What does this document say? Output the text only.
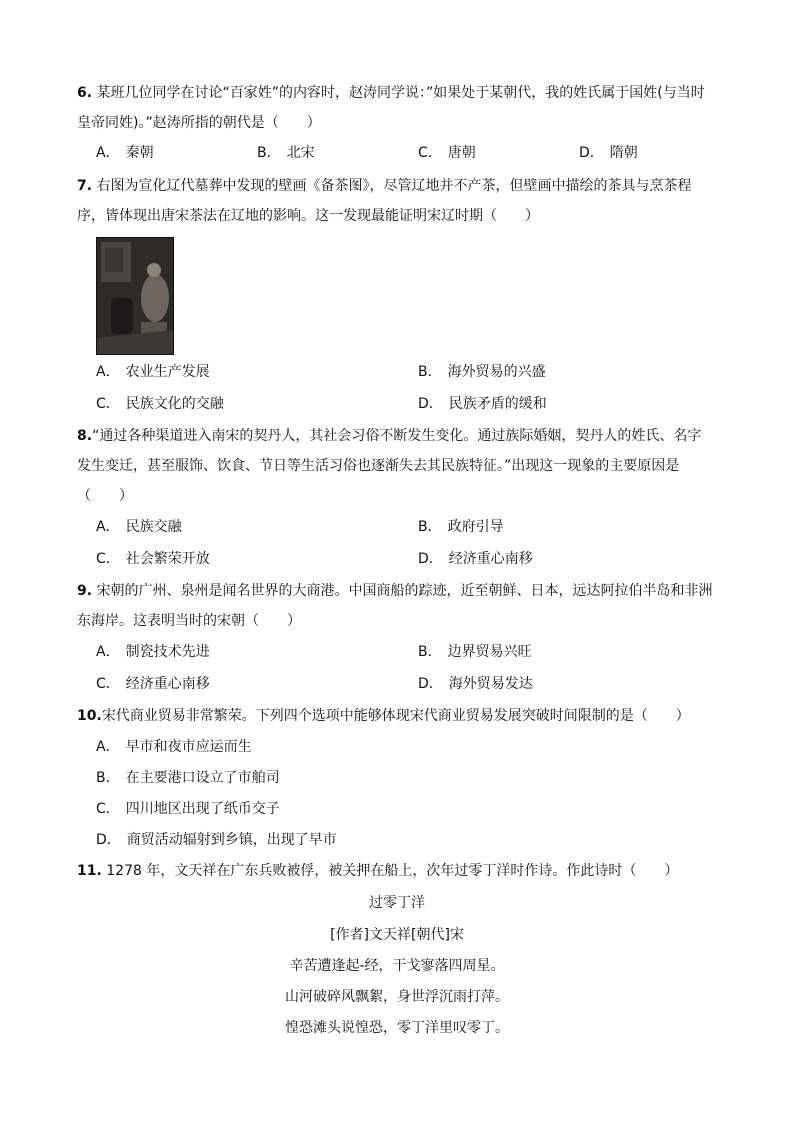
6. 某班几位同学在讨论“百家姓”的内容时，赵涛同学说：”如果处于某朝代，我的姓氏属于国姓(与当时
皇帝同姓)。”赵涛所指的朝代是（　　）
A． 秦朝	B． 北宋	C． 唐朝	D． 隋朝
7. 右图为宣化辽代墓葬中发现的壁画《备茶图》，尽管辽地并不产茶，但壁画中描绘的茶具与烹茶程
序，皆体现出唐宋茶法在辽地的影响。这一发现最能证明宋辽时期（　　）
A． 农业生产发展	B． 海外贸易的兴盛
C． 民族文化的交融	D． 民族矛盾的缓和
8.“通过各种渠道进入南宋的契丹人，其社会习俗不断发生变化。通过族际婚姻，契丹人的姓氏、名字
发生变迁，甚至服饰、饮食、节日等生活习俗也逐渐失去其民族特征。”出现这一现象的主要原因是
（　　）
A． 民族交融	B． 政府引导
C． 社会繁荣开放	D． 经济重心南移
9. 宋朝的广州、泉州是闻名世界的大商港。中国商船的踪迹，近至朝鲜、日本，远达阿拉伯半岛和非洲
东海岸。这表明当时的宋朝（　　）
A． 制瓷技术先进	B． 边界贸易兴旺
C． 经济重心南移	D． 海外贸易发达
10.宋代商业贸易非常繁荣。下列四个选项中能够体现宋代商业贸易发展突破时间限制的是（　　）
A． 早市和夜市应运而生
B． 在主要港口设立了市舶司
C． 四川地区出现了纸币交子
D． 商贸活动辐射到乡镇，出现了早市
11. 1278 年，文天祥在广东兵败被俘，被关押在船上，次年过零丁洋时作诗。作此诗时（　　）
过零丁洋
[作者]文天祥[朝代]宋
辛苦遭逢起-经，干戈寥落四周星。
山河破碎风飘絮，身世浮沉雨打萍。
惶恐滩头说惶恐，零丁洋里叹零丁。
